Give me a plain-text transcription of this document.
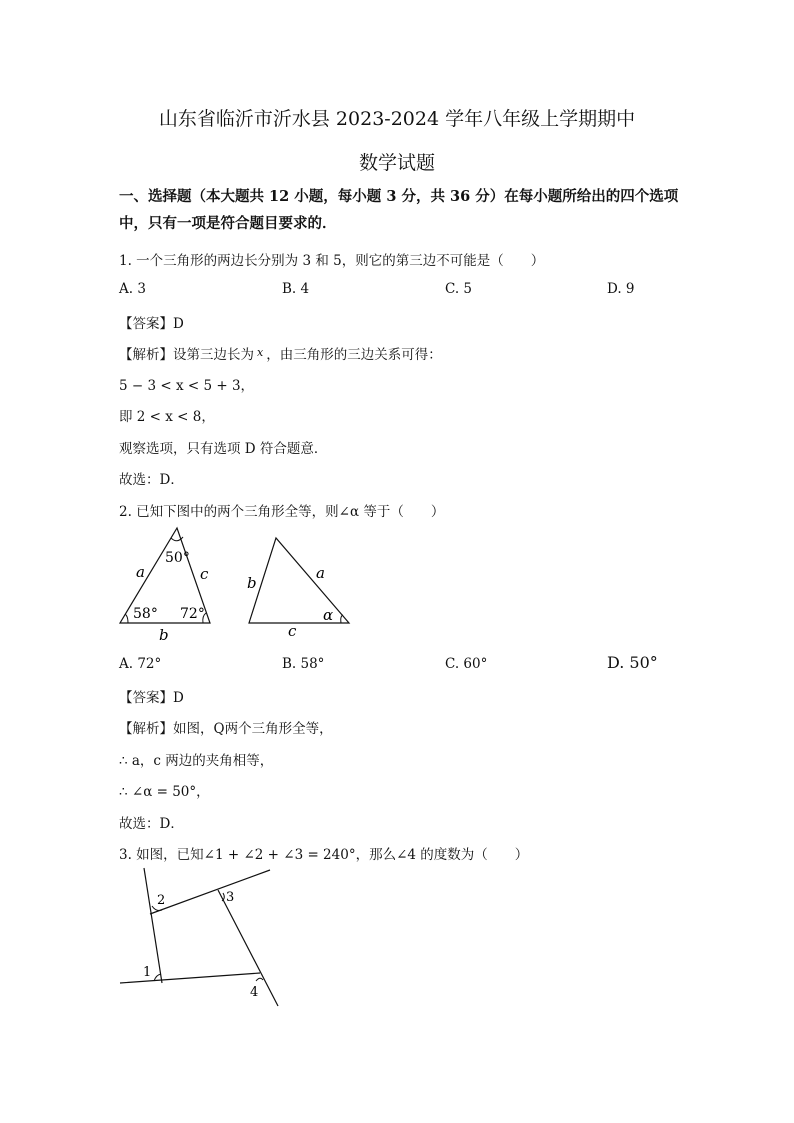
山东省临沂市沂水县 2023-2024 学年八年级上学期期中
数学试题
一、选择题（本大题共 12 小题，每小题 3 分，共 36 分）在每小题所给出的四个选项中，只有一项是符合题目要求的．
1. 一个三角形的两边长分别为 3 和 5，则它的第三边不可能是（　　）
A. 3	B. 4	C. 5	D. 9
【答案】D
【解析】设第三边长为 $^x$ ，由三角形的三边关系可得：
5 − 3 < x < 5 + 3，
即 2 < x < 8，
观察选项，只有选项 D 符合题意．
故选：D．
2. 已知下图中的两个三角形全等，则∠α 等于（　　）
50°
58° 72°
a	c
b
b
a
c
α
A. 72°	B. 58°	C. 60°	D. 50°
【答案】D
【解析】如图，Q两个三角形全等，
∴ a，c 两边的夹角相等，
∴ ∠α = 50°，
故选：D．
3. 如图，已知∠1 + ∠2 + ∠3 = 240°，那么∠4 的度数为（　　）
2	3
1
4
